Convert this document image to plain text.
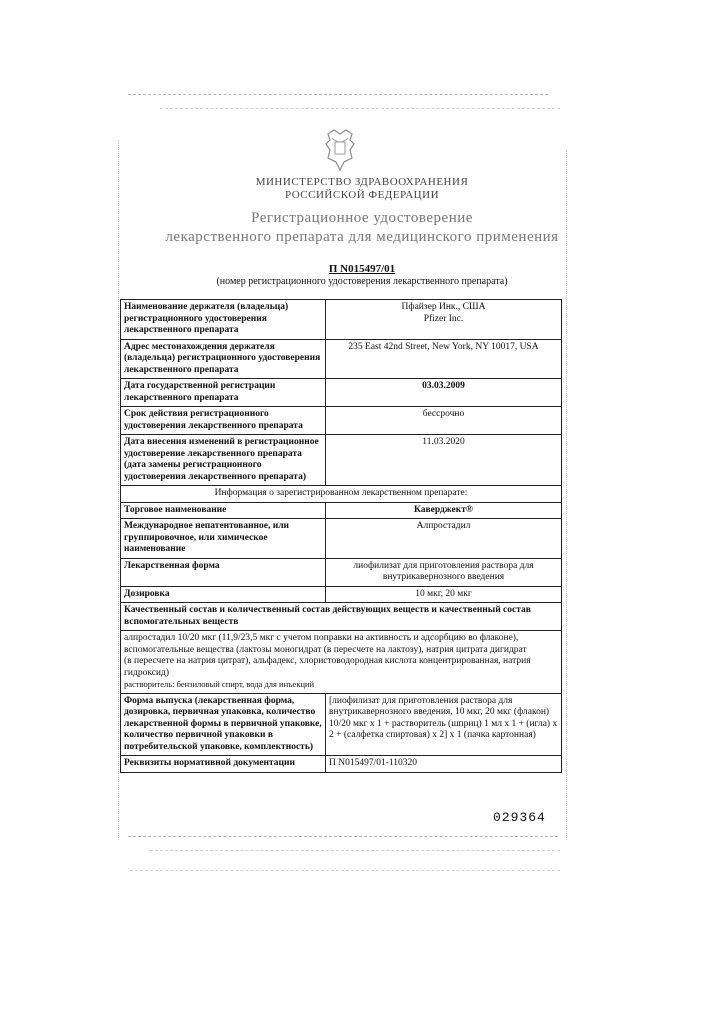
МИНИСТЕРСТВО ЗДРАВООХРАНЕНИЯ
РОССИЙСКОЙ ФЕДЕРАЦИИ
Регистрационное удостоверение
лекарственного препарата для медицинского применения
П N015497/01
(номер регистрационного удостоверения лекарственного препарата)
Наименование держателя (владельца) регистрационного удостоверения лекарственного препарата	Пфайзер Инк., США
Pfizer Inc.

Адрес местонахождения держателя (владельца) регистрационного удостоверения лекарственного препарата	235 East 42nd Street, New York, NY 10017, USA
Дата государственной регистрации лекарственного препарата	03.03.2009
Срок действия регистрационного удостоверения лекарственного препарата	бессрочно
Дата внесения изменений в регистрационное удостоверение лекарственного препарата (дата замены регистрационного удостоверения лекарственного препарата)	11.03.2020
Информация о зарегистрированном лекарственном препарате:	
Торговое наименование	Каверджект®
Международное непатентованное, или группировочное, или химическое наименование	Алпростадил
Лекарственная форма	лиофилизат для приготовления раствора для внутрикавернозного введения
Дозировка	10 мкг, 20 мкг
Качественный состав и количественный состав действующих веществ и качественный состав вспомогательных веществ	

алпростадил 10/20 мкг (11,9/23,5 мкг с учетом поправки на активность и адсорбцию во флаконе),
вспомогательные вещества (лактозы моногидрат (в пересчете на лактозу), натрия цитрата дигидрат
(в пересчете на натрия цитрат), альфадекс, хлористоводородная кислота концентрированная, натрия гидроксид)
растворитель: бензиловый спирт, вода для инъекций	

Форма выпуска (лекарственная форма, дозировка, первичная упаковка, количество лекарственной формы в первичной упаковке, количество первичной упаковки в потребительской упаковке, комплектность)	[лиофилизат для приготовления раствора для внутрикавернозного введения, 10 мкг, 20 мкг (флакон) 10/20 мкг x 1 + растворитель (шприц) 1 мл x 1 + (игла) x 2 + (салфетка спиртовая) x 2] x 1 (пачка картонная)
Реквизиты нормативной документации	П N015497/01-110320
029364
